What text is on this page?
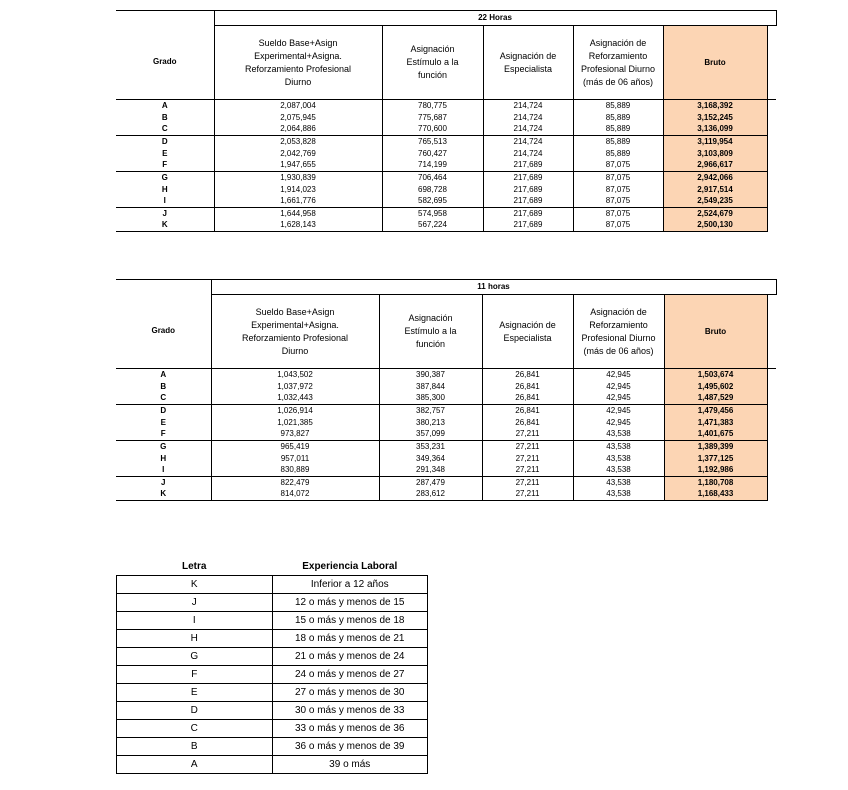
	22 Horas					
Grado	Sueldo Base+Asign Experimental+Asigna. Reforzamiento Profesional Diurno	Asignación Estímulo a la función	Asignación de Especialista	Asignación de Reforzamiento Profesional Diurno (más de 06 años)	Bruto	
A	2,087,004	780,775	214,724	85,889	3,168,392	
B	2,075,945	775,687	214,724	85,889	3,152,245	
C	2,064,886	770,600	214,724	85,889	3,136,099	
D	2,053,828	765,513	214,724	85,889	3,119,954	
E	2,042,769	760,427	214,724	85,889	3,103,809	
F	1,947,655	714,199	217,689	87,075	2,966,617	
G	1,930,839	706,464	217,689	87,075	2,942,066	
H	1,914,023	698,728	217,689	87,075	2,917,514	
I	1,661,776	582,695	217,689	87,075	2,549,235	
J	1,644,958	574,958	217,689	87,075	2,524,679	
K	1,628,143	567,224	217,689	87,075	2,500,130	
	11 horas					
Grado	Sueldo Base+Asign Experimental+Asigna. Reforzamiento Profesional Diurno	Asignación Estímulo a la función	Asignación de Especialista	Asignación de Reforzamiento Profesional Diurno (más de 06 años)	Bruto	
A	1,043,502	390,387	26,841	42,945	1,503,674	
B	1,037,972	387,844	26,841	42,945	1,495,602	
C	1,032,443	385,300	26,841	42,945	1,487,529	
D	1,026,914	382,757	26,841	42,945	1,479,456	
E	1,021,385	380,213	26,841	42,945	1,471,383	
F	973,827	357,099	27,211	43,538	1,401,675	
G	965,419	353,231	27,211	43,538	1,389,399	
H	957,011	349,364	27,211	43,538	1,377,125	
I	830,889	291,348	27,211	43,538	1,192,986	
J	822,479	287,479	27,211	43,538	1,180,708	
K	814,072	283,612	27,211	43,538	1,168,433	
Letra	Experiencia Laboral
K	Inferior a 12 años
J	12 o más y menos de 15
I	15 o más y menos de 18
H	18 o más y menos de 21
G	21 o más y menos de 24
F	24 o más y menos de 27
E	27 o más y menos de 30
D	30 o más y menos de 33
C	33 o más y menos de 36
B	36 o más y menos de 39
A	39 o más
